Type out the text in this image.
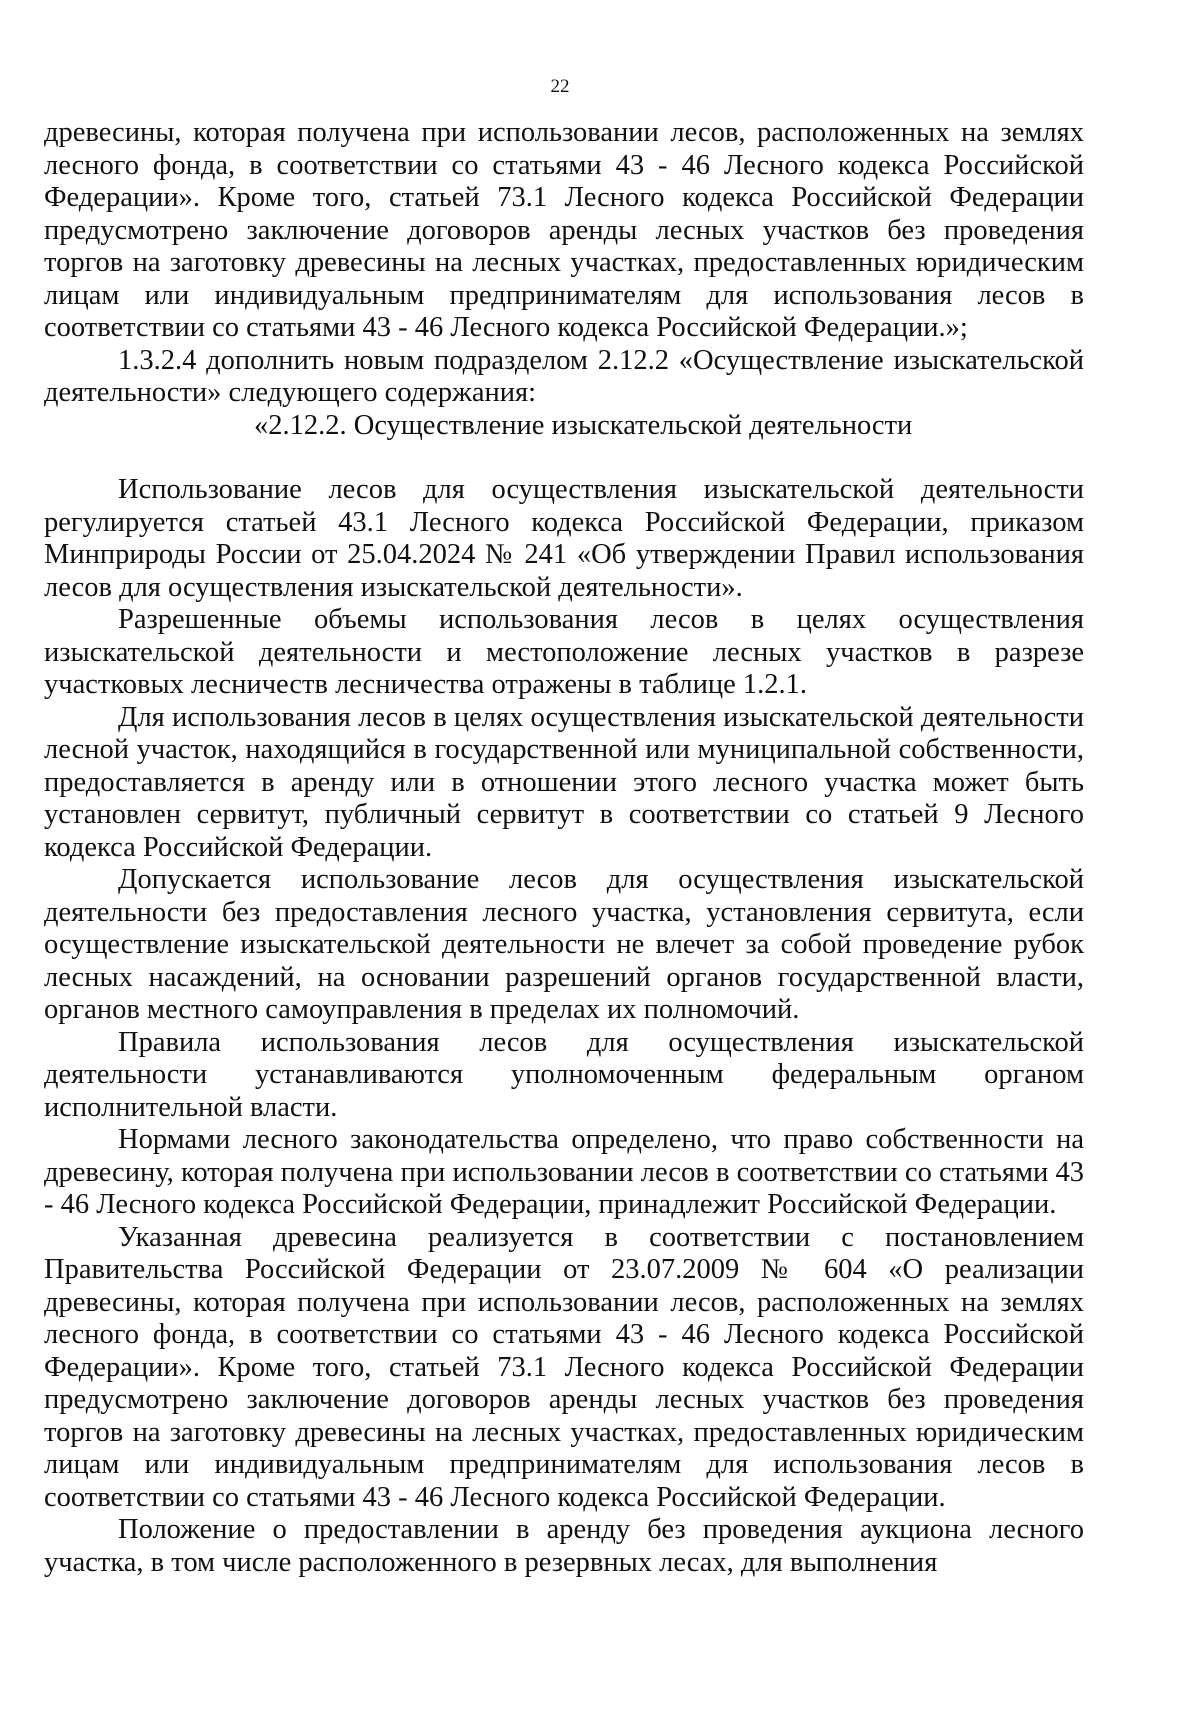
22

древесины, которая получена при использовании лесов, расположенных на землях лесного фонда, в соответствии со статьями 43 - 46 Лесного кодекса Российской Федерации». Кроме того, статьей 73.1 Лесного кодекса Российской Федерации предусмотрено заключение договоров аренды лесных участков без проведения торгов на заготовку древесины на лесных участках, предоставленных юридическим лицам или индивидуальным предпринимателям для использования лесов в соответствии со статьями 43 - 46 Лесного кодекса Российской Федерации.»;

1.3.2.4 дополнить новым подразделом 2.12.2 «Осуществление изыскательской деятельности» следующего содержания:

«2.12.2. Осуществление изыскательской деятельности

Использование лесов для осуществления изыскательской деятельности регулируется статьей 43.1 Лесного кодекса Российской Федерации, приказом Минприроды России от 25.04.2024 № 241 «Об утверждении Правил использования лесов для осуществления изыскательской деятельности».

Разрешенные объемы использования лесов в целях осуществления изыскательской деятельности и местоположение лесных участков в разрезе участковых лесничеств лесничества отражены в таблице 1.2.1.

Для использования лесов в целях осуществления изыскательской деятельности лесной участок, находящийся в государственной или муниципальной собственности, предоставляется в аренду или в отношении этого лесного участка может быть установлен сервитут, публичный сервитут в соответствии со статьей 9 Лесного кодекса Российской Федерации.

Допускается использование лесов для осуществления изыскательской деятельности без предоставления лесного участка, установления сервитута, если осуществление изыскательской деятельности не влечет за собой проведение рубок лесных насаждений, на основании разрешений органов государственной власти, органов местного самоуправления в пределах их полномочий.

Правила использования лесов для осуществления изыскательской деятельности устанавливаются уполномоченным федеральным органом исполнительной власти.

Нормами лесного законодательства определено, что право собственности на древесину, которая получена при использовании лесов в соответствии со статьями 43 - 46 Лесного кодекса Российской Федерации, принадлежит Российской Федерации.

Указанная древесина реализуется в соответствии с постановлением Правительства Российской Федерации от 23.07.2009 № 604 «О реализации древесины, которая получена при использовании лесов, расположенных на землях лесного фонда, в соответствии со статьями 43 - 46 Лесного кодекса Российской Федерации». Кроме того, статьей 73.1 Лесного кодекса Российской Федерации предусмотрено заключение договоров аренды лесных участков без проведения торгов на заготовку древесины на лесных участках, предоставленных юридическим лицам или индивидуальным предпринимателям для использования лесов в соответствии со статьями 43 - 46 Лесного кодекса Российской Федерации.

Положение о предоставлении в аренду без проведения аукциона лесного участка, в том числе расположенного в резервных лесах, для выполнения
